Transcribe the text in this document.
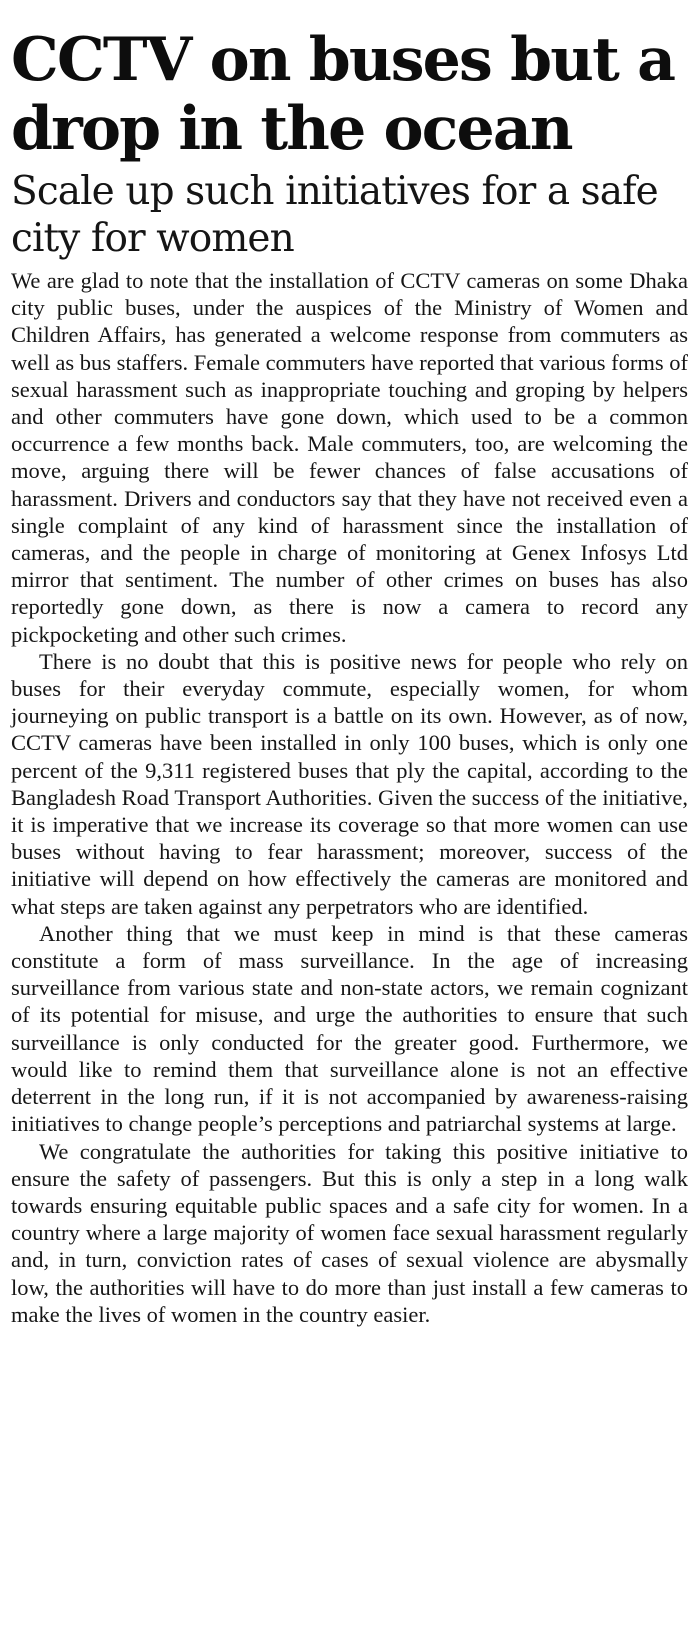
CCTV on buses but a drop in the ocean
Scale up such initiatives for a safe city for women

We are glad to note that the installation of CCTV cameras on some Dhaka city public buses, under the auspices of the Ministry of Women and Children Affairs, has generated a welcome response from commuters as well as bus staffers. Female commuters have reported that various forms of sexual harassment such as inappropriate touching and groping by helpers and other commuters have gone down, which used to be a common occurrence a few months back. Male commuters, too, are welcoming the move, arguing there will be fewer chances of false accusations of harassment. Drivers and conductors say that they have not received even a single complaint of any kind of harassment since the installation of cameras, and the people in charge of monitoring at Genex Infosys Ltd mirror that sentiment. The number of other crimes on buses has also reportedly gone down, as there is now a camera to record any pickpocketing and other such crimes.

There is no doubt that this is positive news for people who rely on buses for their everyday commute, especially women, for whom journeying on public transport is a battle on its own. However, as of now, CCTV cameras have been installed in only 100 buses, which is only one percent of the 9,311 registered buses that ply the capital, according to the Bangladesh Road Transport Authorities. Given the success of the initiative, it is imperative that we increase its coverage so that more women can use buses without having to fear harassment; moreover, success of the initiative will depend on how effectively the cameras are monitored and what steps are taken against any perpetrators who are identified.

Another thing that we must keep in mind is that these cameras constitute a form of mass surveillance. In the age of increasing surveillance from various state and non-state actors, we remain cognizant of its potential for misuse, and urge the authorities to ensure that such surveillance is only conducted for the greater good. Furthermore, we would like to remind them that surveillance alone is not an effective deterrent in the long run, if it is not accompanied by awareness-raising initiatives to change people’s perceptions and patriarchal systems at large.

We congratulate the authorities for taking this positive initiative to ensure the safety of passengers. But this is only a step in a long walk towards ensuring equitable public spaces and a safe city for women. In a country where a large majority of women face sexual harassment regularly and, in turn, conviction rates of cases of sexual violence are abysmally low, the authorities will have to do more than just install a few cameras to make the lives of women in the country easier.
